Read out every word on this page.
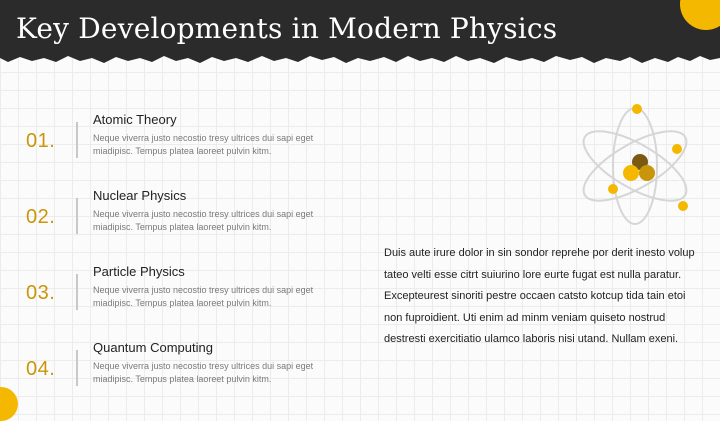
Key Developments in Modern Physics
01.
Atomic Theory
Neque viverra justo necostio tresy ultrices dui sapi eget miadipisc. Tempus platea laoreet pulvin kitm.
02.
Nuclear Physics
Neque viverra justo necostio tresy ultrices dui sapi eget miadipisc. Tempus platea laoreet pulvin kitm.
03.
Particle Physics
Neque viverra justo necostio tresy ultrices dui sapi eget miadipisc. Tempus platea laoreet pulvin kitm.
04.
Quantum Computing
Neque viverra justo necostio tresy ultrices dui sapi eget miadipisc. Tempus platea laoreet pulvin kitm.
Duis aute irure dolor in sin sondor reprehe por derit inesto volup tateo velti esse citrt suiurino lore eurte fugat est nulla paratur. Excepteurest sinoriti pestre occaen catsto kotcup tida tain etoi non fuproidient. Uti enim ad minm veniam quiseto nostrud destresti exercitiatio ulamco laboris nisi utand. Nullam exeni.
